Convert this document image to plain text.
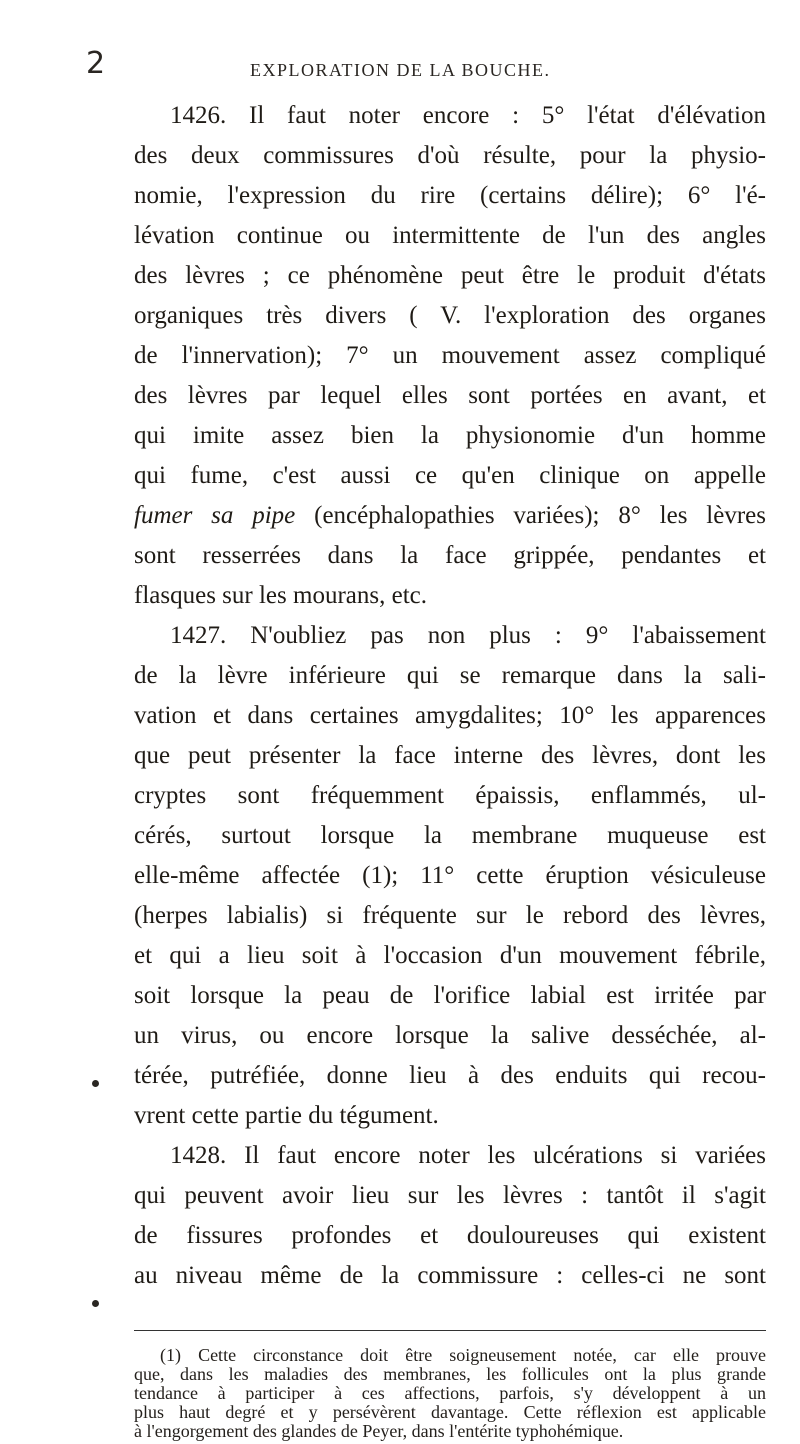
2	EXPLORATION DE LA BOUCHE.
1426. Il faut noter encore : 5° l'état d'élévation
des deux commissures d'où résulte, pour la physio-
nomie, l'expression du rire (certains délire); 6° l'é-
lévation continue ou intermittente de l'un des angles
des lèvres ; ce phénomène peut être le produit d'états
organiques très divers ( V. l'exploration des organes
de l'innervation); 7° un mouvement assez compliqué
des lèvres par lequel elles sont portées en avant, et
qui imite assez bien la physionomie d'un homme
qui fume, c'est aussi ce qu'en clinique on appelle
fumer sa pipe (encéphalopathies variées); 8° les lèvres
sont resserrées dans la face grippée, pendantes et
flasques sur les mourans, etc.
1427. N'oubliez pas non plus : 9° l'abaissement
de la lèvre inférieure qui se remarque dans la sali-
vation et dans certaines amygdalites; 10° les apparences
que peut présenter la face interne des lèvres, dont les
cryptes sont fréquemment épaissis, enflammés, ul-
cérés, surtout lorsque la membrane muqueuse est
elle-même affectée (1); 11° cette éruption vésiculeuse
(herpes labialis) si fréquente sur le rebord des lèvres,
et qui a lieu soit à l'occasion d'un mouvement fébrile,
soit lorsque la peau de l'orifice labial est irritée par
un virus, ou encore lorsque la salive desséchée, al-
térée, putréfiée, donne lieu à des enduits qui recou-
vrent cette partie du tégument.
1428. Il faut encore noter les ulcérations si variées
qui peuvent avoir lieu sur les lèvres : tantôt il s'agit
de fissures profondes et douloureuses qui existent
au niveau même de la commissure : celles-ci ne sont
(1) Cette circonstance doit être soigneusement notée, car elle prouve
que, dans les maladies des membranes, les follicules ont la plus grande
tendance à participer à ces affections, parfois, s'y développent à un
plus haut degré et y persévèrent davantage. Cette réflexion est applicable
à l'engorgement des glandes de Peyer, dans l'entérite typhohémique.
